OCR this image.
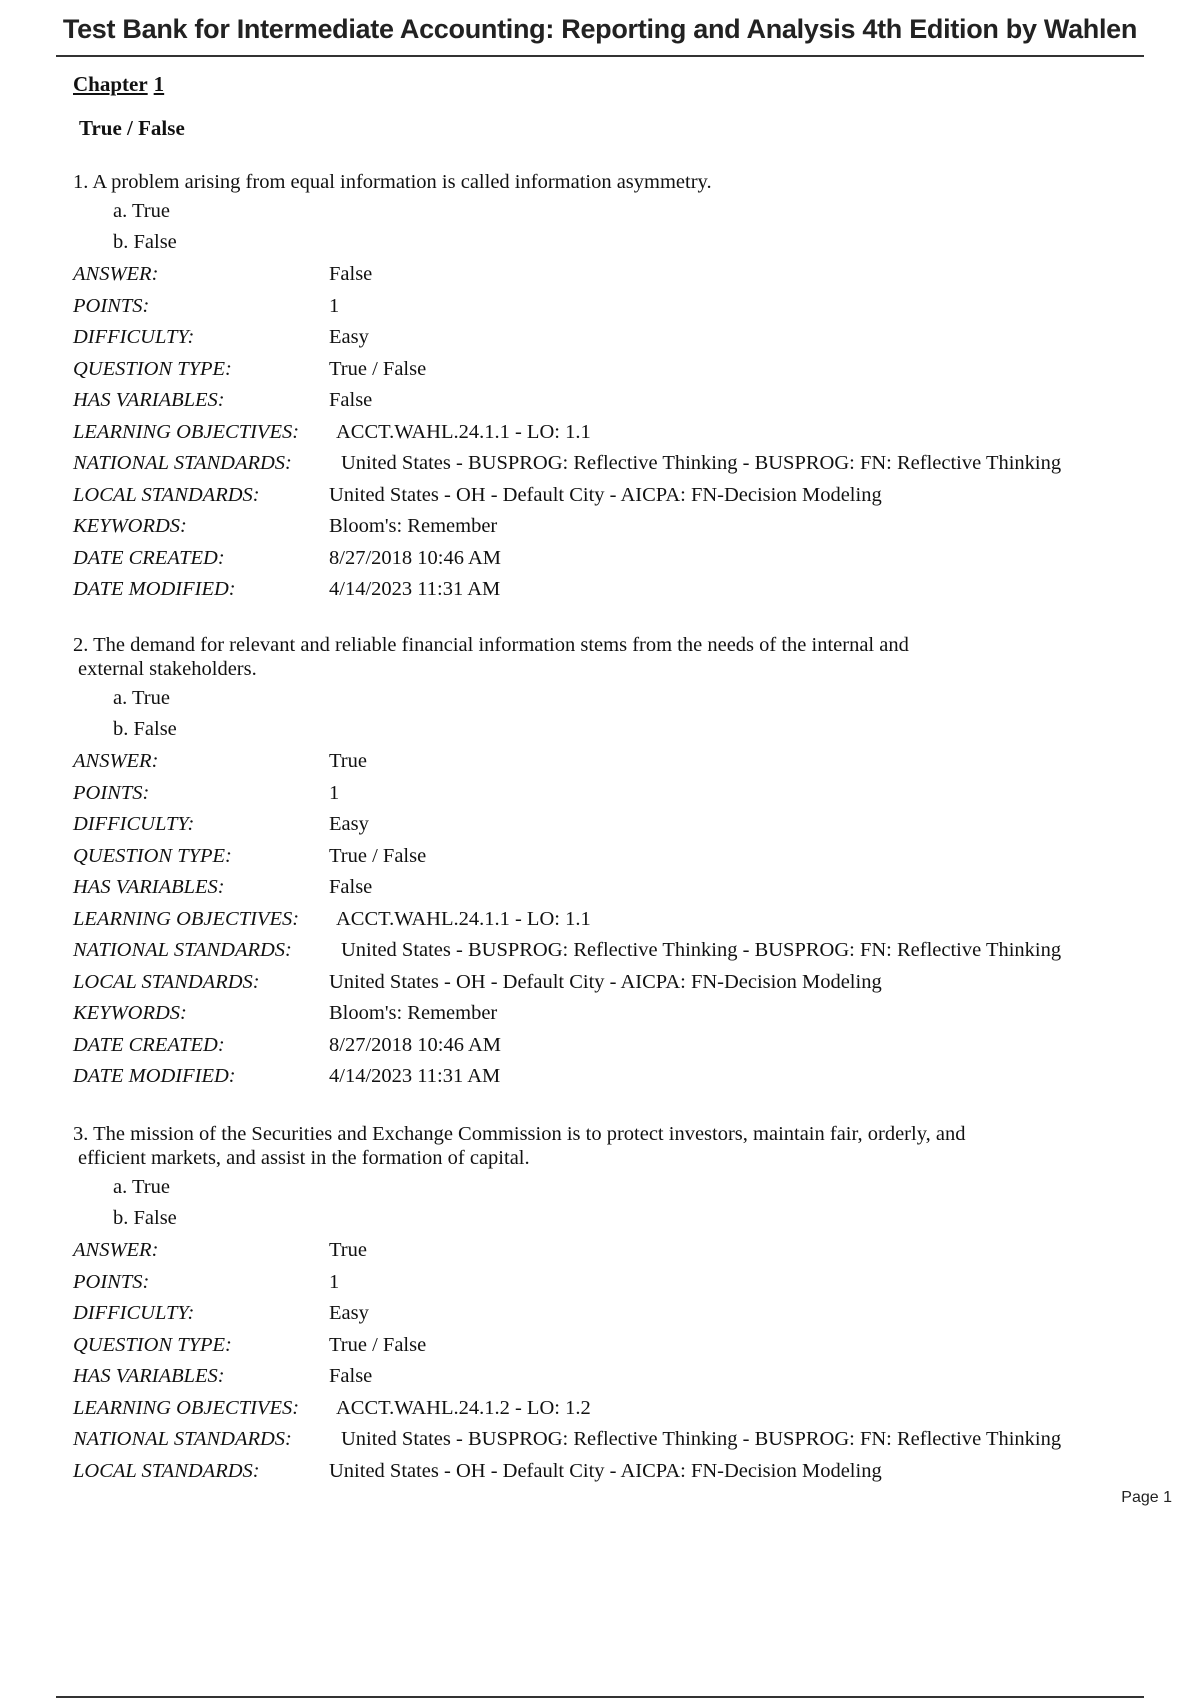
Test Bank for Intermediate Accounting: Reporting and Analysis 4th Edition by Wahlen
Chapter 1
True / False

1. A problem arising from equal information is called information asymmetry.

a. True
b. False
ANSWER:	False
POINTS:	1
DIFFICULTY:	Easy
QUESTION TYPE:	True / False
HAS VARIABLES:	False
LEARNING OBJECTIVES: ACCT.WAHL.24.1.1 - LO: 1.1
NATIONAL STANDARDS: United States - BUSPROG: Reflective Thinking - BUSPROG: FN: Reflective Thinking
LOCAL STANDARDS:	United States - OH - Default City - AICPA: FN-Decision Modeling
KEYWORDS:	Bloom's: Remember
DATE CREATED:	8/27/2018 10:46 AM
DATE MODIFIED:	4/14/2023 11:31 AM

2. The demand for relevant and reliable financial information stems from the needs of the internal and
external stakeholders.

a. True
b. False
ANSWER:	True
POINTS:	1
DIFFICULTY:	Easy
QUESTION TYPE:	True / False
HAS VARIABLES:	False
LEARNING OBJECTIVES: ACCT.WAHL.24.1.1 - LO: 1.1
NATIONAL STANDARDS: United States - BUSPROG: Reflective Thinking - BUSPROG: FN: Reflective Thinking
LOCAL STANDARDS:	United States - OH - Default City - AICPA: FN-Decision Modeling
KEYWORDS:	Bloom's: Remember
DATE CREATED:	8/27/2018 10:46 AM
DATE MODIFIED:	4/14/2023 11:31 AM

3. The mission of the Securities and Exchange Commission is to protect investors, maintain fair, orderly, and
efficient markets, and assist in the formation of capital.

a. True
b. False
ANSWER:	True
POINTS:	1
DIFFICULTY:	Easy
QUESTION TYPE:	True / False
HAS VARIABLES:	False
LEARNING OBJECTIVES: ACCT.WAHL.24.1.2 - LO: 1.2
NATIONAL STANDARDS: United States - BUSPROG: Reflective Thinking - BUSPROG: FN: Reflective Thinking
LOCAL STANDARDS:	United States - OH - Default City - AICPA: FN-Decision Modeling
Page 1
